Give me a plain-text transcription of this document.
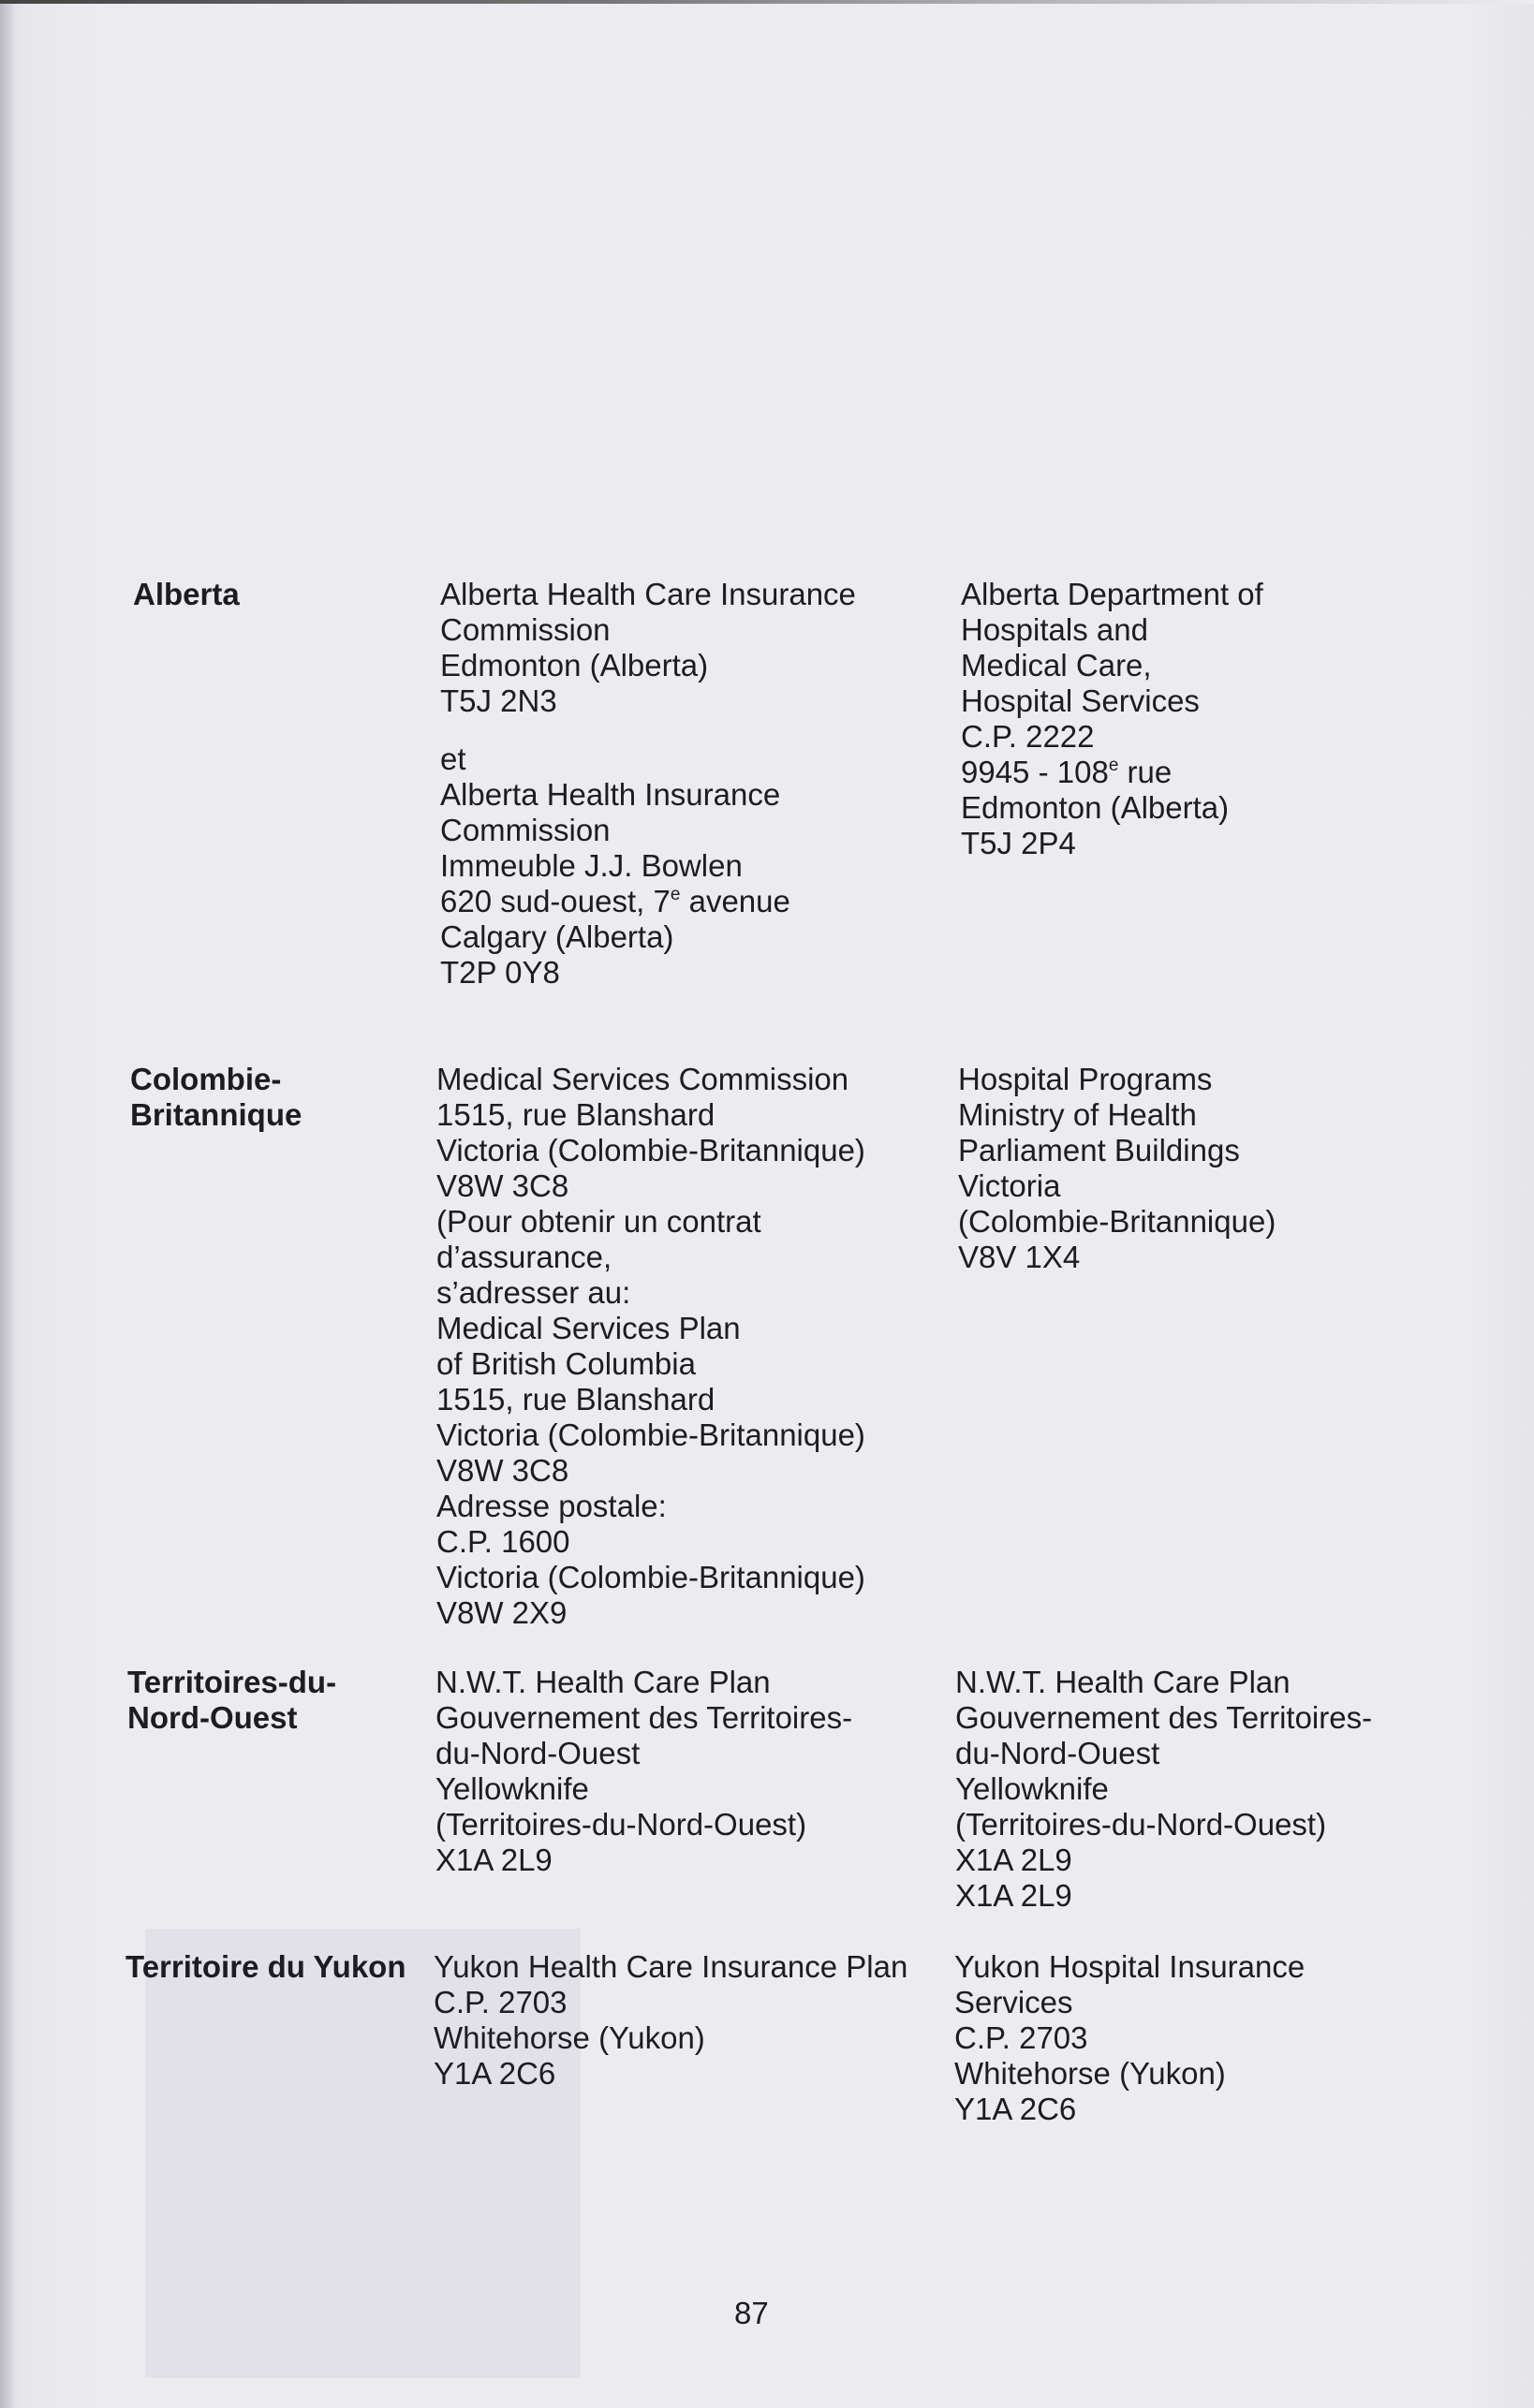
Alberta	Alberta Health Care Insurance
Commission
Edmonton (Alberta)
T5J 2N3
et
Alberta Health Insurance
Commission
Immeuble J.J. Bowlen
620 sud-ouest, 7e avenue
Calgary (Alberta)
T2P 0Y8
Alberta Department of
Hospitals and
Medical Care,
Hospital Services
C.P. 2222
9945 - 108e rue
Edmonton (Alberta)
T5J 2P4
Colombie-
Britannique
Medical Services Commission
1515, rue Blanshard
Victoria (Colombie-Britannique)
V8W 3C8
(Pour obtenir un contrat
d’assurance,
s’adresser au:
Medical Services Plan
of British Columbia
1515, rue Blanshard
Victoria (Colombie-Britannique)
V8W 3C8
Adresse postale:
C.P. 1600
Victoria (Colombie-Britannique)
V8W 2X9
Hospital Programs
Ministry of Health
Parliament Buildings
Victoria
(Colombie-Britannique)
V8V 1X4
Territoires-du-
Nord-Ouest
N.W.T. Health Care Plan
Gouvernement des Territoires-
du-Nord-Ouest
Yellowknife
(Territoires-du-Nord-Ouest)
X1A 2L9
N.W.T. Health Care Plan
Gouvernement des Territoires-
du-Nord-Ouest
Yellowknife
(Territoires-du-Nord-Ouest)
X1A 2L9
X1A 2L9
Territoire du Yukon Yukon Health Care Insurance Plan
C.P. 2703
Whitehorse (Yukon)
Y1A 2C6
Yukon Hospital Insurance
Services
C.P. 2703
Whitehorse (Yukon)
Y1A 2C6
87
